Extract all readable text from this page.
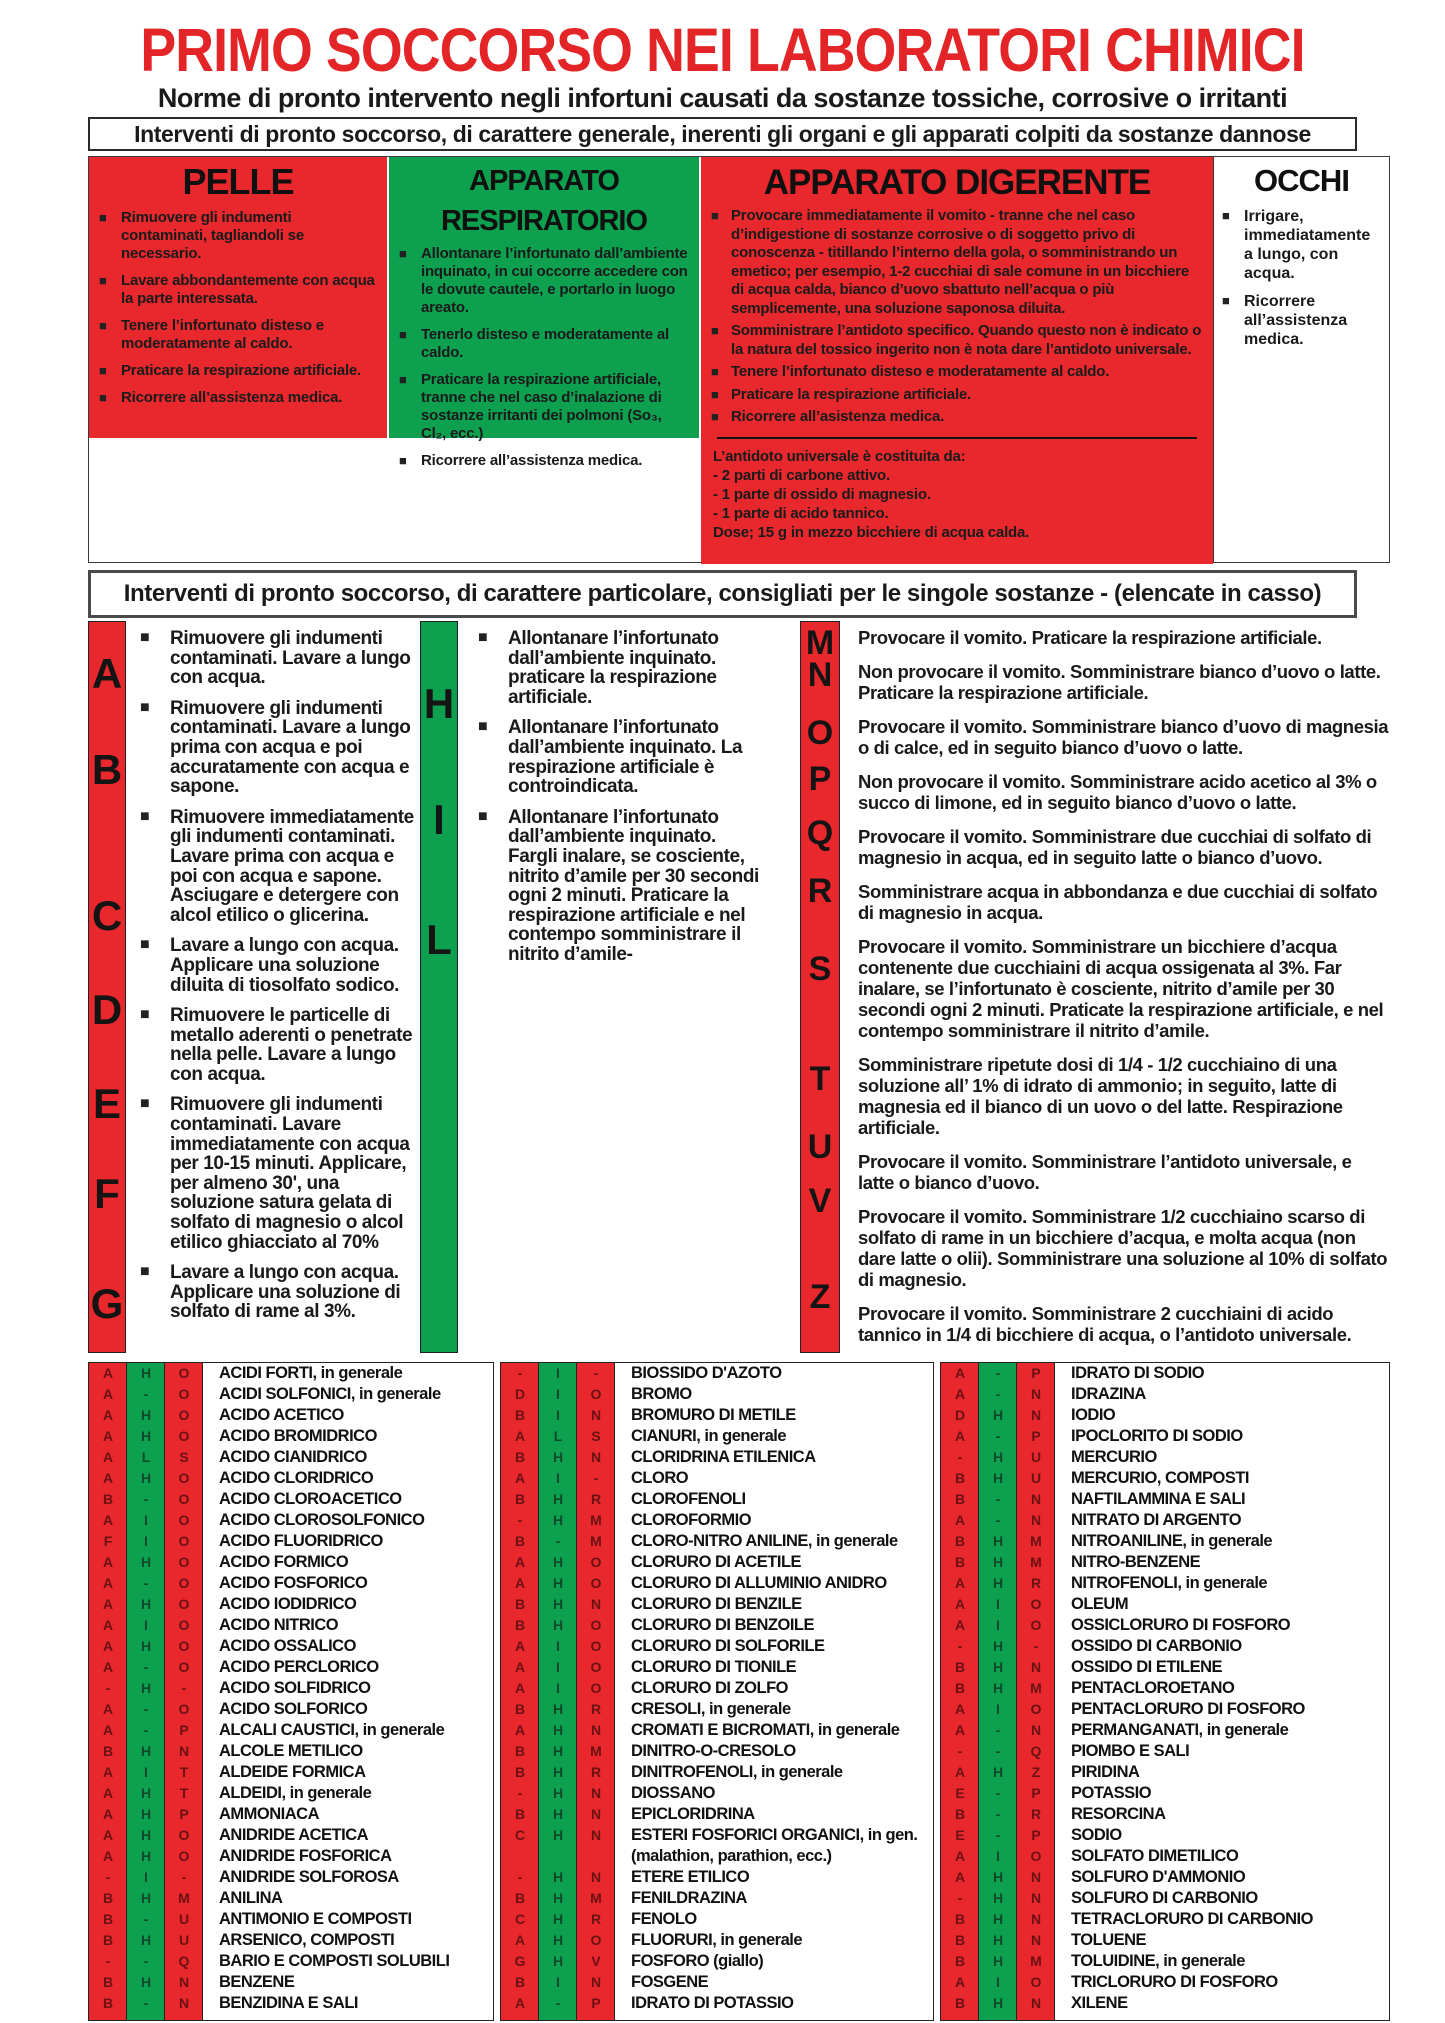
PRIMO SOCCORSO NEI LABORATORI CHIMICI
Norme di pronto intervento negli infortuni causati da sostanze tossiche, corrosive o irritanti
Interventi di pronto soccorso, di carattere generale, inerenti gli organi e gli apparati colpiti da sostanze dannose
PELLE
■
Rimuovere gli indumenti contaminati, tagliandoli se necessario.
■
Lavare abbondantemente con acqua la parte interessata.
■
Tenere l’infortunato disteso e moderatamente al caldo.
■
Praticare la respirazione artificiale.
■
Ricorrere all’assistenza medica.
APPARATO RESPIRATORIO
■
Allontanare l’infortunato dall’ambiente inquinato, in cui occorre accedere con le dovute cautele, e portarlo in luogo areato.
■
Tenerlo disteso e moderatamente al caldo.
■
Praticare la respirazione artificiale, tranne che nel caso d’inalazione di sostanze irritanti dei polmoni (So₃, Cl₂, ecc.)
■
Ricorrere all’assistenza medica.
APPARATO DIGERENTE
■
Provocare immediatamente il vomito - tranne che nel caso d’indigestione di sostanze corrosive o di soggetto privo di conoscenza - titillando l’interno della gola, o somministrando un emetico; per esempio, 1-2 cucchiai di sale comune in un bicchiere di acqua calda, bianco d’uovo sbattuto nell’acqua o più semplicemente, una soluzione saponosa diluita.
■
Somministrare l’antidoto specifico. Quando questo non è indicato o la natura del tossico ingerito non è nota dare l’antidoto universale.
■
Tenere l’infortunato disteso e moderatamente al caldo.
■
Praticare la respirazione artificiale.
■
Ricorrere all’asistenza medica.
L’antidoto universale è costituita da:
- 2 parti di carbone attivo.
- 1 parte di ossido di magnesio.
- 1 parte di acido tannico.
Dose; 15 g in mezzo bicchiere di acqua calda.
OCCHI
■
Irrigare, immediatamente a lungo, con acqua.
■
Ricorrere all’assistenza medica.
Interventi di pronto soccorso, di carattere particolare, consigliati per le singole sostanze - (elencate in casso)
A
B
C
D
E
F
G
■
Rimuovere gli indumenti contaminati. Lavare a lungo con acqua.
■
Rimuovere gli indumenti contaminati. Lavare a lungo prima con acqua e poi accuratamente con acqua e sapone.
■
Rimuovere immediatamente gli indumenti contaminati. Lavare prima con acqua e poi con acqua e sapone. Asciugare e detergere con alcol etilico o glicerina.
■
Lavare a lungo con acqua. Applicare una soluzione diluita di tiosolfato sodico.
■
Rimuovere le particelle di metallo aderenti o penetrate nella pelle. Lavare a lungo con acqua.
■
Rimuovere gli indumenti contaminati. Lavare immediatamente con acqua per 10-15 minuti. Applicare, per almeno 30', una soluzione satura gelata di solfato di magnesio o alcol etilico ghiacciato al 70%
■
Lavare a lungo con acqua. Applicare una soluzione di solfato di rame al 3%.
H
I
L
■
Allontanare l’infortunato dall’ambiente inquinato. praticare la respirazione artificiale.
■
Allontanare l’infortunato dall’ambiente inquinato. La respirazione artificiale è controindicata.
■
Allontanare l’infortunato dall’ambiente inquinato. Fargli inalare, se cosciente, nitrito d’amile per 30 secondi ogni 2 minuti. Praticare la respirazione artificiale e nel contempo somministrare il nitrito d’amile-
M
N
O
P
Q
R
S
T
U
V
Z

Provocare il vomito. Praticare la respirazione artificiale.

Non provocare il vomito. Somministrare bianco d’uovo o latte. Praticare la respirazione artificiale.

Provocare il vomito. Somministrare bianco d’uovo di magnesia o di calce, ed in seguito bianco d’uovo o latte.

Non provocare il vomito. Somministrare acido acetico al 3% o succo di limone, ed in seguito bianco d’uovo o latte.

Provocare il vomito. Somministrare due cucchiai di solfato di magnesio in acqua, ed in seguito latte o bianco d’uovo.

Somministrare acqua in abbondanza e due cucchiai di solfato di magnesio in acqua.

Provocare il vomito. Somministrare un bicchiere d’acqua contenente due cucchiaini di acqua ossigenata al 3%. Far inalare, se l’infortunato è cosciente, nitrito d’amile per 30 secondi ogni 2 minuti. Praticate la respirazione artificiale, e nel contempo somministrare il nitrito d’amile.

Somministrare ripetute dosi di 1/4 - 1/2 cucchiaino di una soluzione all’ 1% di idrato di ammonio; in seguito, latte di magnesia ed il bianco di un uovo o del latte. Respirazione artificiale.

Provocare il vomito. Somministrare l’antidoto universale, e latte o bianco d’uovo.

Provocare il vomito. Somministrare 1/2 cucchiaino scarso di solfato di rame in un bicchiere d’acqua, e molta acqua (non dare latte o olii). Somministrare una soluzione al 10% di solfato di magnesio.

Provocare il vomito. Somministrare 2 cucchiaini di acido tannico in 1/4 di bicchiere di acqua, o l’antidoto universale.

A	H	O	ACIDI FORTI, in generale
A	-	O	ACIDI SOLFONICI, in generale
A	H	O	ACIDO ACETICO
A	H	O	ACIDO BROMIDRICO
A	L	S	ACIDO CIANIDRICO
A	H	O	ACIDO CLORIDRICO
B	-	O	ACIDO CLOROACETICO
A	I	O	ACIDO CLOROSOLFONICO
F	I	O	ACIDO FLUORIDRICO
A	H	O	ACIDO FORMICO
A	-	O	ACIDO FOSFORICO
A	H	O	ACIDO IODIDRICO
A	I	O	ACIDO NITRICO
A	H	O	ACIDO OSSALICO
A	-	O	ACIDO PERCLORICO
-	H	-	ACIDO SOLFIDRICO
A	-	O	ACIDO SOLFORICO
A	-	P	ALCALI CAUSTICI, in generale
B	H	N	ALCOLE METILICO
A	I	T	ALDEIDE FORMICA
A	H	T	ALDEIDI, in generale
A	H	P	AMMONIACA
A	H	O	ANIDRIDE ACETICA
A	H	O	ANIDRIDE FOSFORICA
-	I	-	ANIDRIDE SOLFOROSA
B	H	M	ANILINA
B	-	U	ANTIMONIO E COMPOSTI
B	H	U	ARSENICO, COMPOSTI
-	-	Q	BARIO E COMPOSTI SOLUBILI
B	H	N	BENZENE
B	-	N	BENZIDINA E SALI
-	I	-	BIOSSIDO D'AZOTO
D	I	O	BROMO
B	I	N	BROMURO DI METILE
A	L	S	CIANURI, in generale
B	H	N	CLORIDRINA ETILENICA
A	I	-	CLORO
B	H	R	CLOROFENOLI
-	H	M	CLOROFORMIO
B	-	M	CLORO-NITRO ANILINE, in generale
A	H	O	CLORURO DI ACETILE
A	H	O	CLORURO DI ALLUMINIO ANIDRO
B	H	N	CLORURO DI BENZILE
B	H	O	CLORURO DI BENZOILE
A	I	O	CLORURO DI SOLFORILE
A	I	O	CLORURO DI TIONILE
A	I	O	CLORURO DI ZOLFO
B	H	R	CRESOLI, in generale
A	H	N	CROMATI E BICROMATI, in generale
B	H	M	DINITRO-O-CRESOLO
B	H	R	DINITROFENOLI, in generale
-	H	N	DIOSSANO
B	H	N	EPICLORIDRINA
C	H	N	ESTERI FOSFORICI ORGANICI, in gen.
(malathion, parathion, ecc.)
-	H	N	ETERE ETILICO
B	H	M	FENILDRAZINA
C	H	R	FENOLO
A	H	O	FLUORURI, in generale
G	H	V	FOSFORO (giallo)
B	I	N	FOSGENE
A	-	P	IDRATO DI POTASSIO
A	-	P	IDRATO DI SODIO
A	-	N	IDRAZINA
D	H	N	IODIO
A	-	P	IPOCLORITO DI SODIO
-	H	U	MERCURIO
B	H	U	MERCURIO, COMPOSTI
B	-	N	NAFTILAMMINA E SALI
A	-	N	NITRATO DI ARGENTO
B	H	M	NITROANILINE, in generale
B	H	M	NITRO-BENZENE
A	H	R	NITROFENOLI, in generale
A	I	O	OLEUM
A	I	O	OSSICLORURO DI FOSFORO
-	H	-	OSSIDO DI CARBONIO
B	H	N	OSSIDO DI ETILENE
B	H	M	PENTACLOROETANO
A	I	O	PENTACLORURO DI FOSFORO
A	-	N	PERMANGANATI, in generale
-	-	Q	PIOMBO E SALI
A	H	Z	PIRIDINA
E	-	P	POTASSIO
B	-	R	RESORCINA
E	-	P	SODIO
A	I	O	SOLFATO DIMETILICO
A	H	N	SOLFURO D'AMMONIO
-	H	N	SOLFURO DI CARBONIO
B	H	N	TETRACLORURO DI CARBONIO
B	H	N	TOLUENE
B	H	M	TOLUIDINE, in generale
A	I	O	TRICLORURO DI FOSFORO
B	H	N	XILENE
